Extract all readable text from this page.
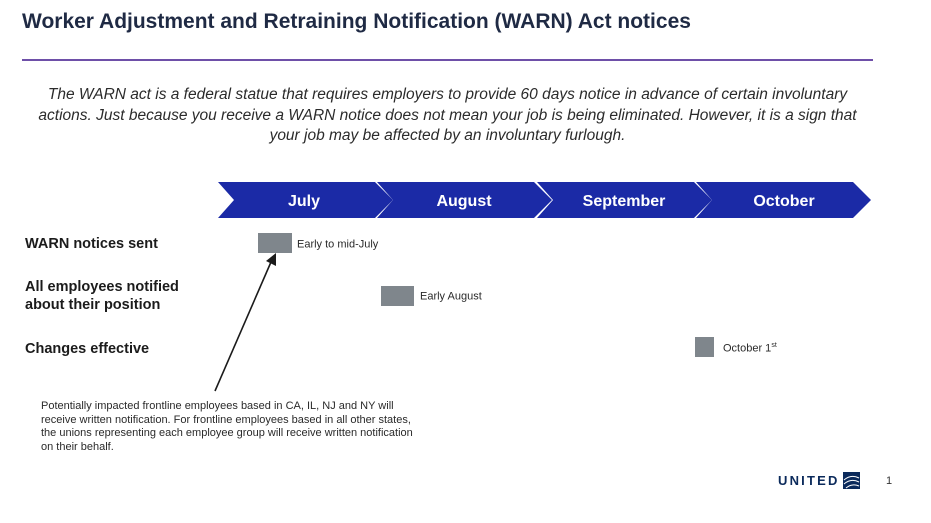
Worker Adjustment and Retraining Notification (WARN) Act notices
The WARN act is a federal statue that requires employers to provide 60 days notice in advance of certain involuntary actions. Just because you receive a WARN notice does not mean your job is being eliminated. However, it is a sign that your job may be affected by an involuntary furlough.
July	August	September	October
WARN notices sent	Early to mid-July
All employees notified
about their position
Early August
Changes effective	October 1st
Potentially impacted frontline employees based in CA, IL, NJ and NY will receive written notification. For frontline employees based in all other states, the unions representing each employee group will receive written notification on their behalf.
UNITED	1
